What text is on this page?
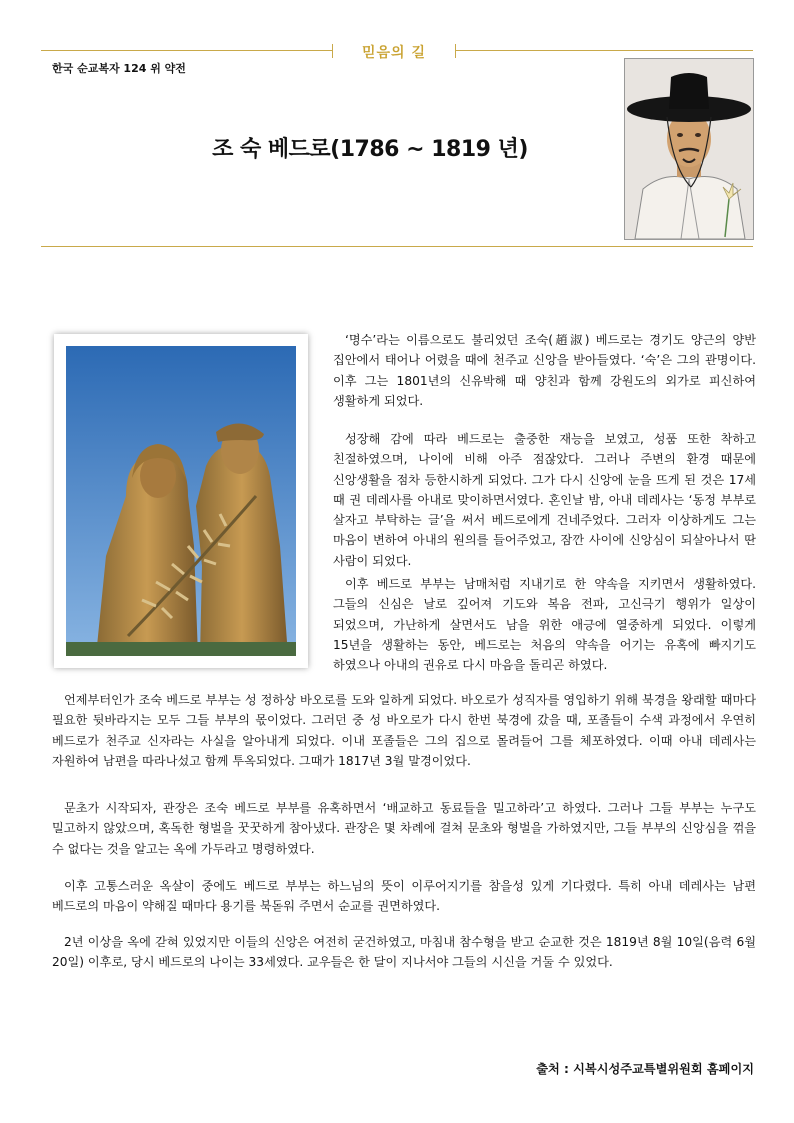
믿음의 길
한국 순교복자 124 위 약전
조 숙 베드로(1786 ~ 1819 년)

‘명수’라는 이름으로도 불리었던 조숙(趙淑) 베드로는 경기도 양근의 양반 집안에서 태어나 어렸을 때에 천주교 신앙을 받아들였다. ‘숙’은 그의 관명이다. 이후 그는 1801년의 신유박해 때 양친과 함께 강원도의 외가로 피신하여 생활하게 되었다.

성장해 감에 따라 베드로는 출중한 재능을 보였고, 성품 또한 착하고 친절하였으며, 나이에 비해 아주 점잖았다. 그러나 주변의 환경 때문에 신앙생활을 점차 등한시하게 되었다. 그가 다시 신앙에 눈을 뜨게 된 것은 17세 때 권 데레사를 아내로 맞이하면서였다. 혼인날 밤, 아내 데레사는 ‘동정 부부로 살자고 부탁하는 글’을 써서 베드로에게 건네주었다. 그러자 이상하게도 그는 마음이 변하여 아내의 원의를 들어주었고, 잠깐 사이에 신앙심이 되살아나서 딴 사람이 되었다.

이후 베드로 부부는 남매처럼 지내기로 한 약속을 지키면서 생활하였다. 그들의 신심은 날로 깊어져 기도와 복음 전파, 고신극기 행위가 일상이 되었으며, 가난하게 살면서도 남을 위한 애긍에 열중하게 되었다. 이렇게 15년을 생활하는 동안, 베드로는 처음의 약속을 어기는 유혹에 빠지기도 하였으나 아내의 권유로 다시 마음을 돌리곤 하였다.

언제부터인가 조숙 베드로 부부는 성 정하상 바오로를 도와 일하게 되었다. 바오로가 성직자를 영입하기 위해 북경을 왕래할 때마다 필요한 뒷바라지는 모두 그들 부부의 몫이었다. 그러던 중 성 바오로가 다시 한번 북경에 갔을 때, 포졸들이 수색 과정에서 우연히 베드로가 천주교 신자라는 사실을 알아내게 되었다. 이내 포졸들은 그의 집으로 몰려들어 그를 체포하였다. 이때 아내 데레사는 자원하여 남편을 따라나섰고 함께 투옥되었다. 그때가 1817년 3월 말경이었다.

문초가 시작되자, 관장은 조숙 베드로 부부를 유혹하면서 ‘배교하고 동료들을 밀고하라’고 하였다. 그러나 그들 부부는 누구도 밀고하지 않았으며, 혹독한 형벌을 꿋꿋하게 참아냈다. 관장은 몇 차례에 걸쳐 문초와 형벌을 가하였지만, 그들 부부의 신앙심을 꺾을 수 없다는 것을 알고는 옥에 가두라고 명령하였다.

이후 고통스러운 옥살이 중에도 베드로 부부는 하느님의 뜻이 이루어지기를 참을성 있게 기다렸다. 특히 아내 데레사는 남편 베드로의 마음이 약해질 때마다 용기를 북돋워 주면서 순교를 권면하였다.

2년 이상을 옥에 갇혀 있었지만 이들의 신앙은 여전히 굳건하였고, 마침내 참수형을 받고 순교한 것은 1819년 8월 10일(음력 6월 20일) 이후로, 당시 베드로의 나이는 33세였다. 교우들은 한 달이 지나서야 그들의 시신을 거둘 수 있었다.

출처 : 시복시성주교특별위원회 홈페이지
